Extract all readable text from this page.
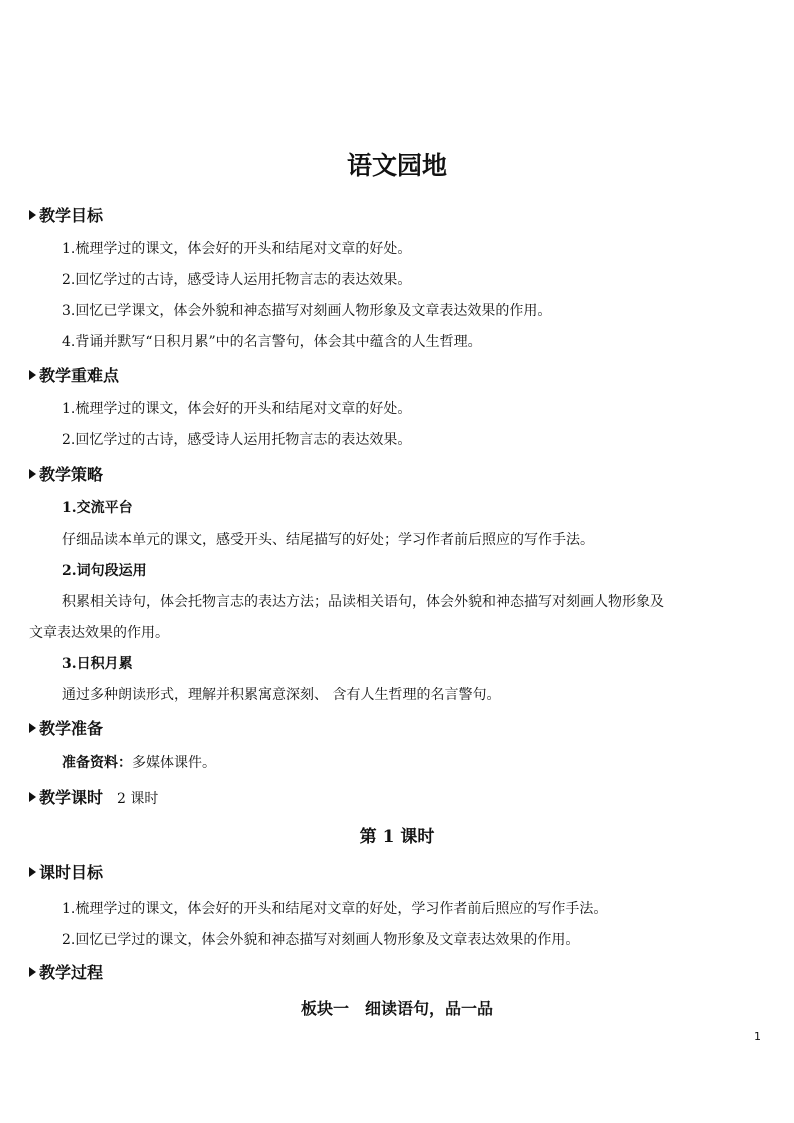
语文园地
教学目标
1.梳理学过的课文，体会好的开头和结尾对文章的好处。
2.回忆学过的古诗，感受诗人运用托物言志的表达效果。
3.回忆已学课文，体会外貌和神态描写对刻画人物形象及文章表达效果的作用。
4.背诵并默写“日积月累”中的名言警句，体会其中蕴含的人生哲理。
教学重难点
1.梳理学过的课文，体会好的开头和结尾对文章的好处。
2.回忆学过的古诗，感受诗人运用托物言志的表达效果。
教学策略
1.交流平台
仔细品读本单元的课文，感受开头、结尾描写的好处；学习作者前后照应的写作手法。
2.词句段运用
积累相关诗句，体会托物言志的表达方法；品读相关语句，体会外貌和神态描写对刻画人物形象及
文章表达效果的作用。
3.日积月累
通过多种朗读形式，理解并积累寓意深刻、 含有人生哲理的名言警句。
教学准备
准备资料：多媒体课件。
教学课时 2 课时
第 1 课时
课时目标
1.梳理学过的课文，体会好的开头和结尾对文章的好处，学习作者前后照应的写作手法。
2.回忆已学过的课文，体会外貌和神态描写对刻画人物形象及文章表达效果的作用。
教学过程
板块一　细读语句，品一品
1
